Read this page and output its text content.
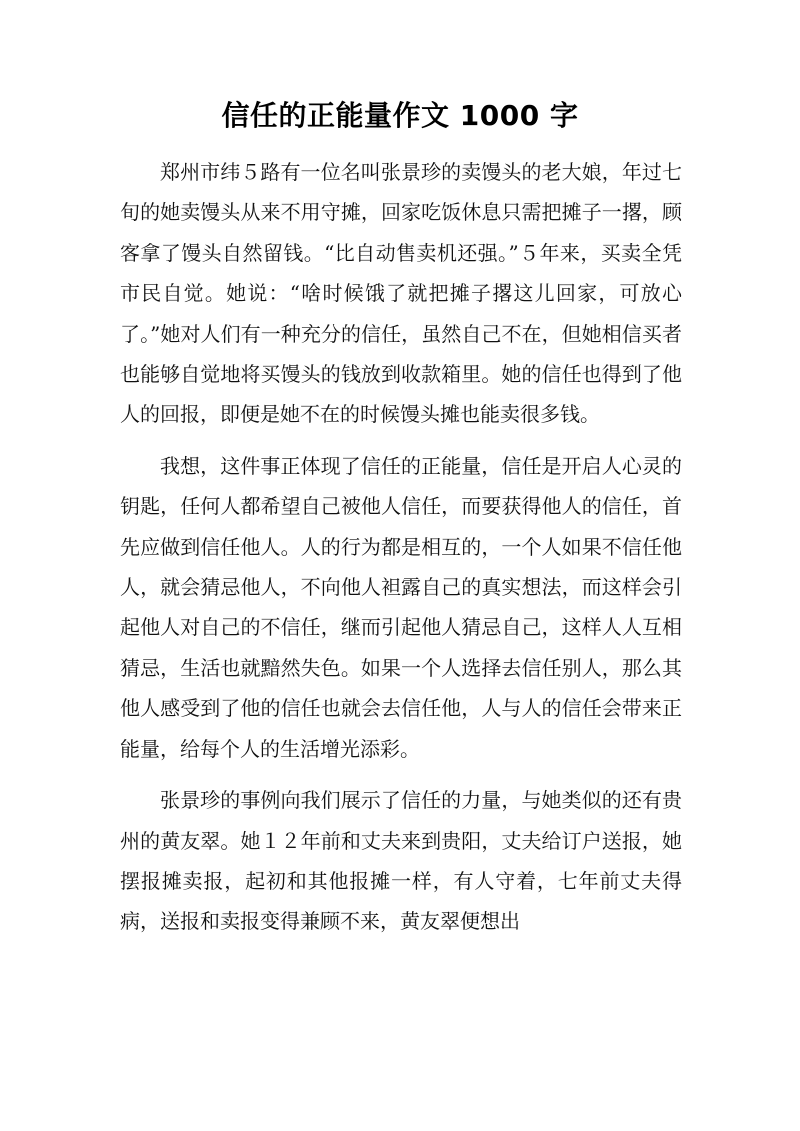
信任的正能量作文 1000 字

郑州市纬５路有一位名叫张景珍的卖馒头的老大娘，年过七旬的她卖馒头从来不用守摊，回家吃饭休息只需把摊子一撂，顾客拿了馒头自然留钱。“比自动售卖机还强。”５年来，买卖全凭市民自觉。她说：“啥时候饿了就把摊子撂这儿回家，可放心了。”她对人们有一种充分的信任，虽然自己不在，但她相信买者也能够自觉地将买馒头的钱放到收款箱里。她的信任也得到了他人的回报，即便是她不在的时候馒头摊也能卖很多钱。

我想，这件事正体现了信任的正能量，信任是开启人心灵的钥匙，任何人都希望自己被他人信任，而要获得他人的信任，首先应做到信任他人。人的行为都是相互的，一个人如果不信任他人，就会猜忌他人，不向他人袒露自己的真实想法，而这样会引起他人对自己的不信任，继而引起他人猜忌自己，这样人人互相猜忌，生活也就黯然失色。如果一个人选择去信任别人，那么其他人感受到了他的信任也就会去信任他，人与人的信任会带来正能量，给每个人的生活增光添彩。

张景珍的事例向我们展示了信任的力量，与她类似的还有贵州的黄友翠。她１２年前和丈夫来到贵阳，丈夫给订户送报，她摆报摊卖报，起初和其他报摊一样，有人守着，七年前丈夫得病，送报和卖报变得兼顾不来，黄友翠便想出
